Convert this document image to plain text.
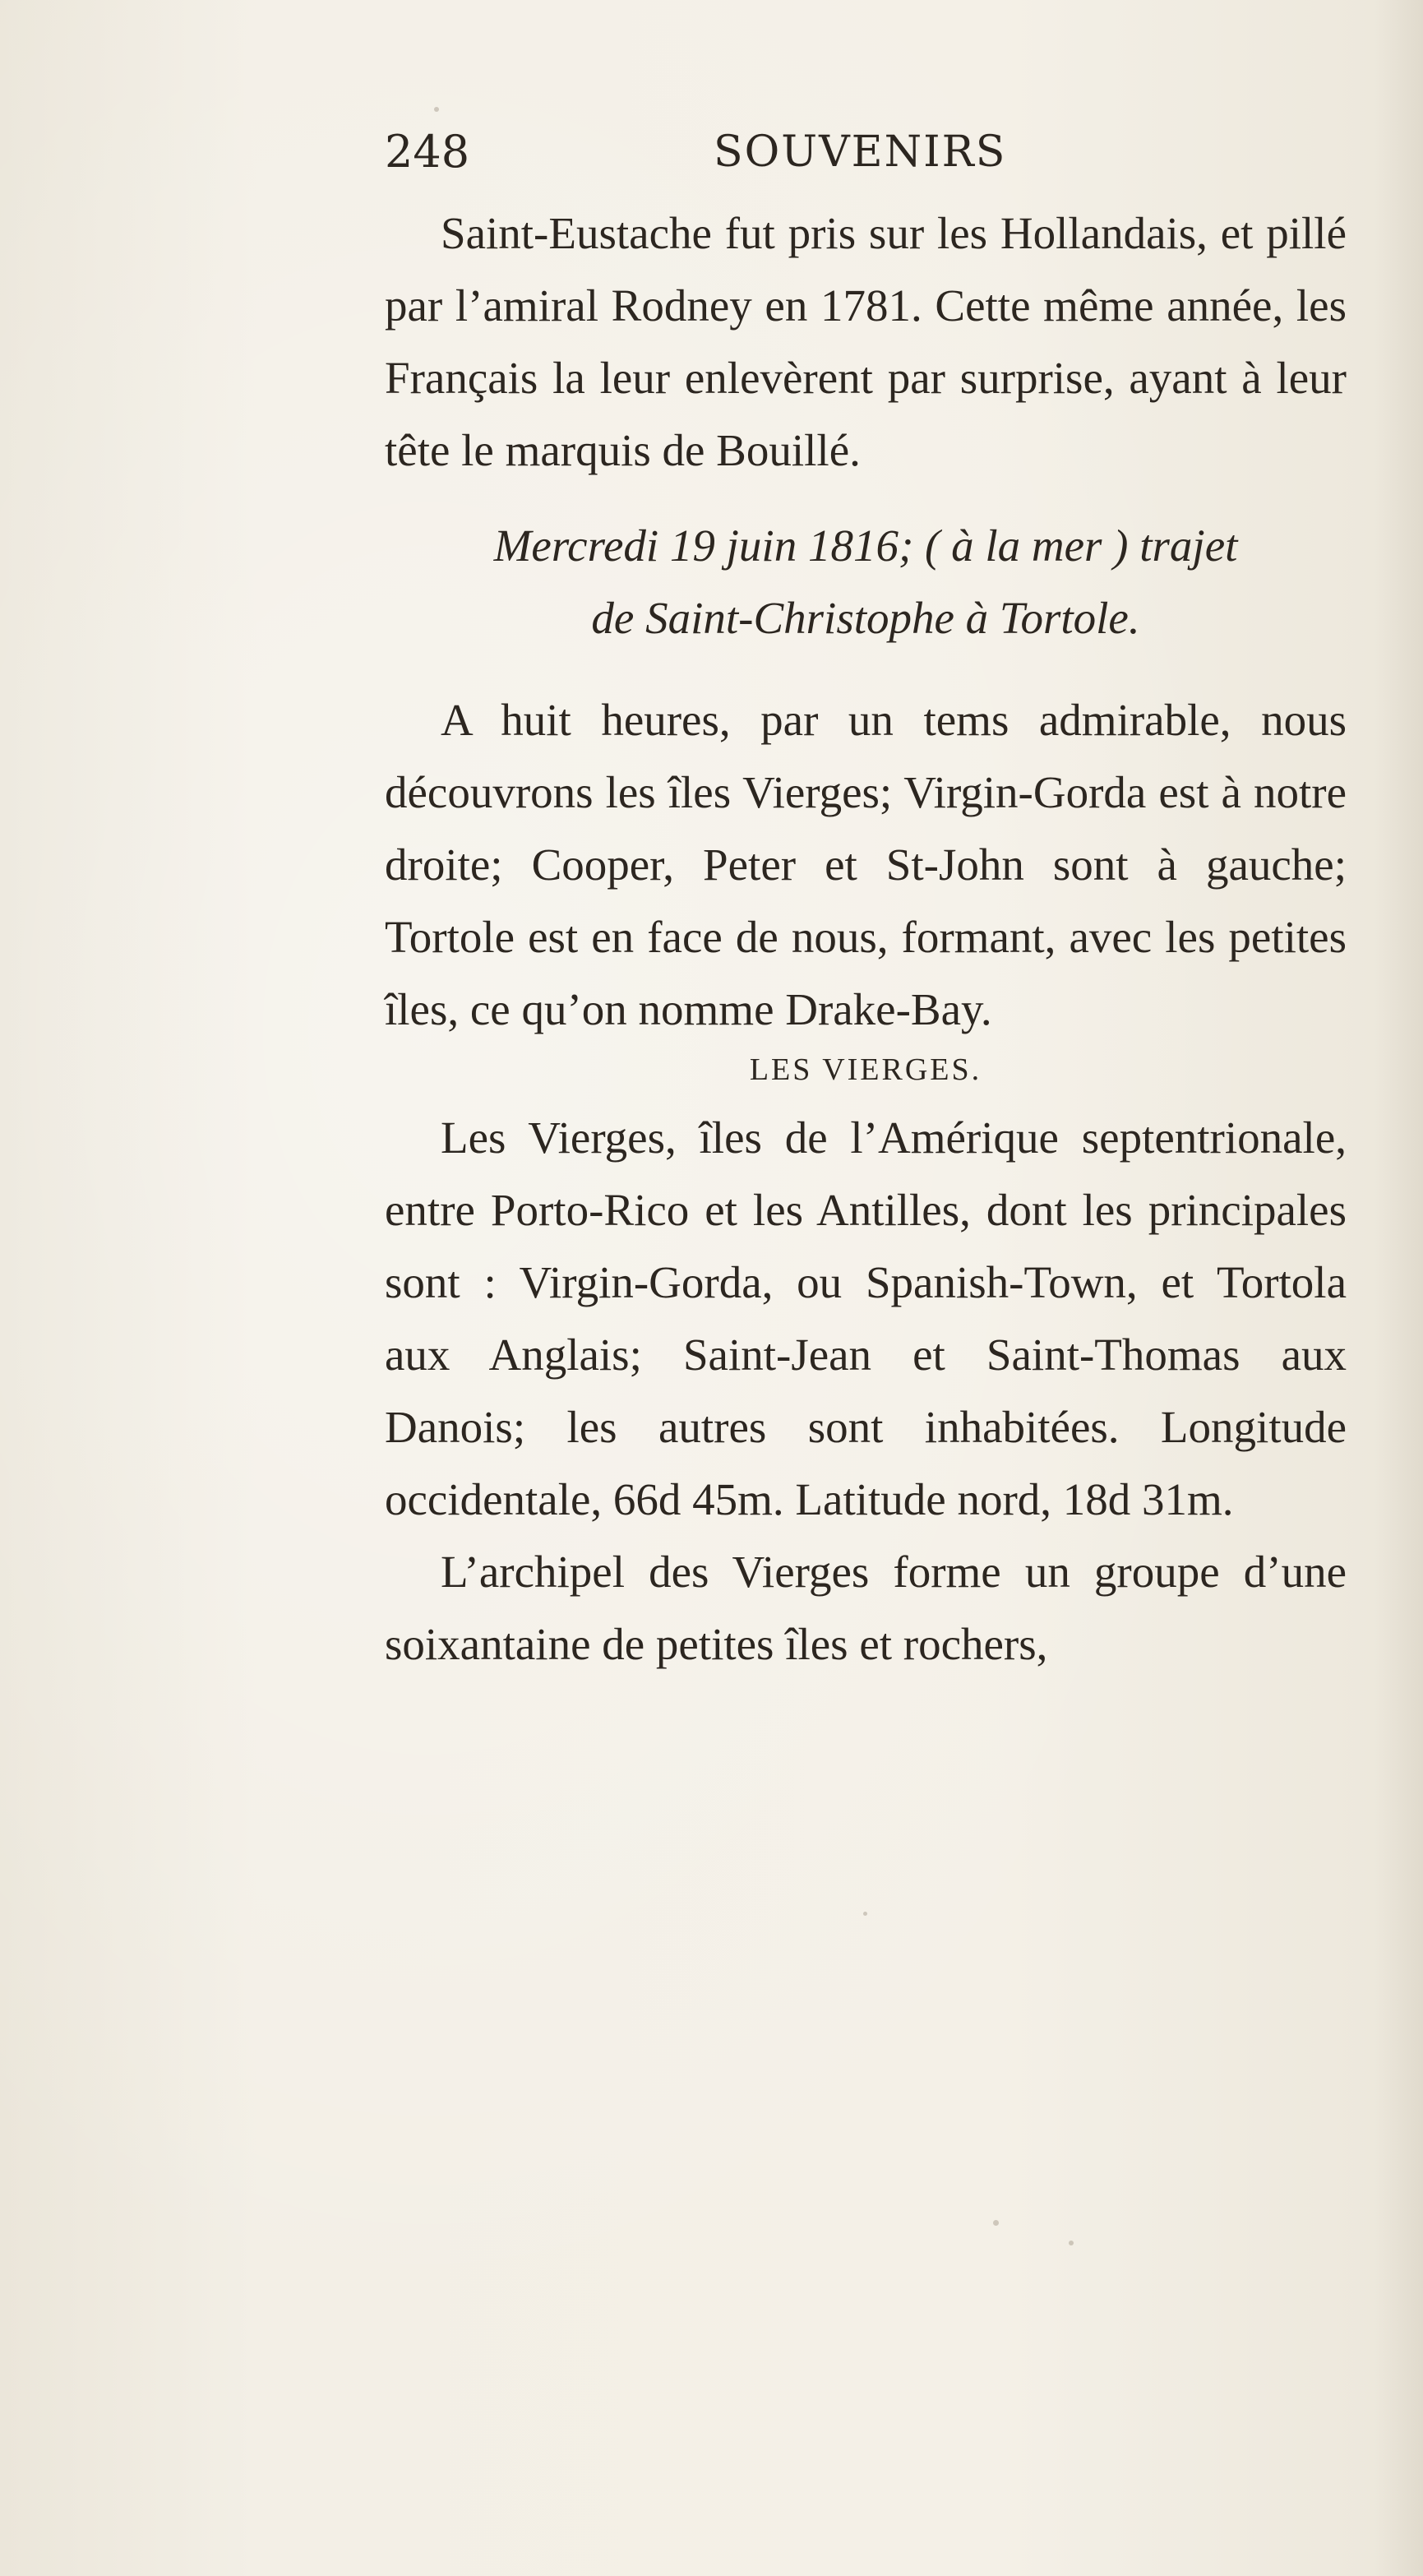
248	SOUVENIRS

Saint-Eustache fut pris sur les Hollandais, et pillé par l’amiral Rodney en 1781. Cette même année, les Français la leur enlevèrent par surprise, ayant à leur tête le marquis de Bouillé.

Mercredi 19 juin 1816; ( à la mer ) trajet
de Saint-Christophe à Tortole.

A huit heures, par un tems admirable, nous découvrons les îles Vierges; Virgin-Gorda est à notre droite; Cooper, Peter et St-John sont à gauche; Tortole est en face de nous, formant, avec les petites îles, ce qu’on nomme Drake-Bay.

LES VIERGES.

Les Vierges, îles de l’Amérique septentrionale, entre Porto-Rico et les Antilles, dont les principales sont : Virgin-Gorda, ou Spanish-Town, et Tortola aux Anglais; Saint-Jean et Saint-Thomas aux Danois; les autres sont inhabitées. Longitude occidentale, 66d 45m. Latitude nord, 18d 31m.

L’archipel des Vierges forme un groupe d’une soixantaine de petites îles et rochers,
